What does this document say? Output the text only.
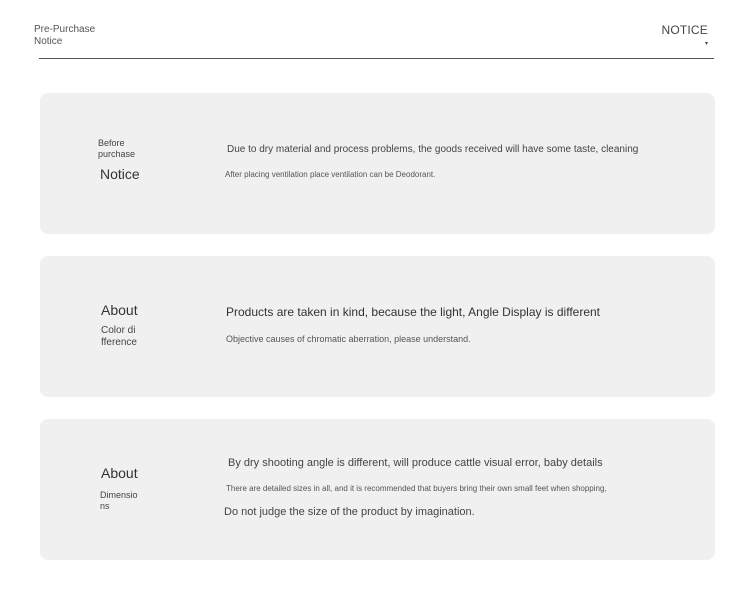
Pre-Purchase
Notice
NOTICE
▾
Before
purchase
Notice
Due to dry material and process problems, the goods received will have some taste, cleaning
After placing ventilation place ventilation can be Deodorant.
About
Color di
fference
Products are taken in kind, because the light, Angle Display is different
Objective causes of chromatic aberration, please understand.
About
Dimensio
ns
By dry shooting angle is different, will produce cattle visual error, baby details
There are detailed sizes in all, and it is recommended that buyers bring their own small feet when shopping,
Do not judge the size of the product by imagination.
